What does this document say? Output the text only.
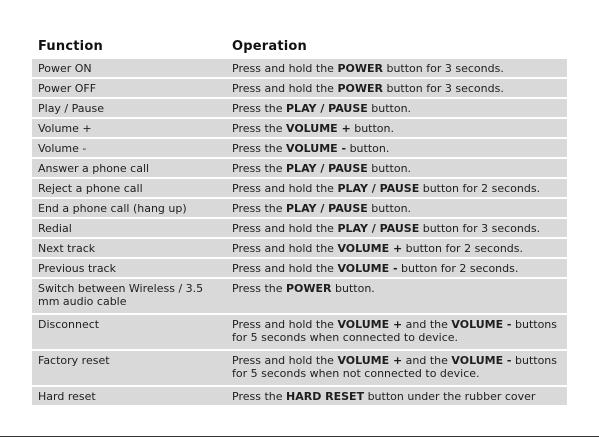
Function	Operation
Power ON	Press and hold the POWER button for 3 seconds.
Power OFF	Press and hold the POWER button for 3 seconds.
Play / Pause	Press the PLAY / PAUSE button.
Volume +	Press the VOLUME + button.
Volume -	Press the VOLUME - button.
Answer a phone call	Press the PLAY / PAUSE button.
Reject a phone call	Press and hold the PLAY / PAUSE button for 2 seconds.
End a phone call (hang up)	Press the PLAY / PAUSE button.
Redial	Press and hold the PLAY / PAUSE button for 3 seconds.
Next track	Press and hold the VOLUME + button for 2 seconds.
Previous track	Press and hold the VOLUME - button for 2 seconds.
Switch between Wireless / 3.5 mm audio cable	Press the POWER button.
Disconnect	Press and hold the VOLUME + and the VOLUME - buttons for 5 seconds when connected to device.
Factory reset	Press and hold the VOLUME + and the VOLUME - buttons for 5 seconds when not connected to device.
Hard reset	Press the HARD RESET button under the rubber cover
